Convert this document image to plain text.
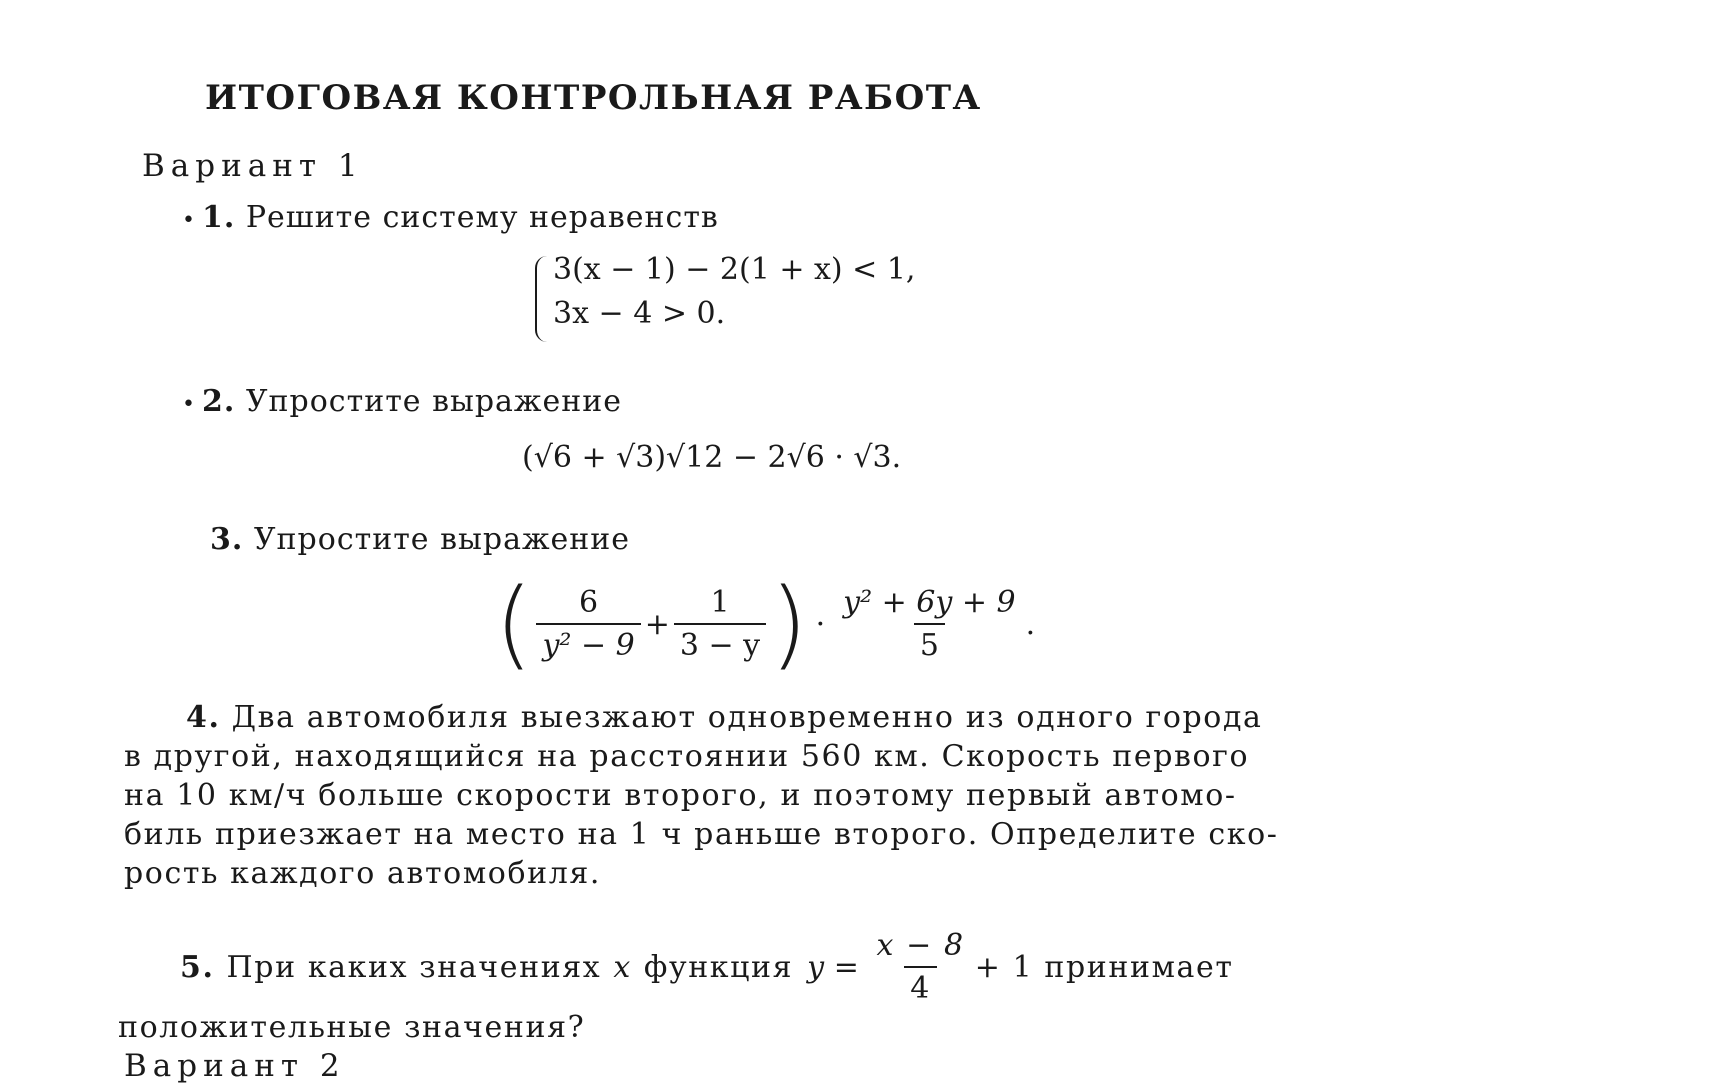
ИТОГОВАЯ КОНТРОЛЬНАЯ РАБОТА
Вариант 1
• 1. Решите систему неравенств
3(x − 1) − 2(1 + x) < 1,
3x − 4 > 0.
• 2. Упростите выражение
(√6 + √3)√12 − 2√6 · √3.
3. Упростите выражение
( $\frac{6}{\text{y² − 9}} + \frac{1}{3 - y}$ ) · $\frac{\text{y² + 6y + 9}}{5}$ .

4. Два автомобиля выезжают одновременно из одного города

в другой, находящийся на расстоянии 560 км. Скорость первого

на 10 км/ч больше скорости второго, и поэтому первый автомо-

биль приезжает на место на 1 ч раньше второго. Определите ско-

рость каждого автомобиля.

5. При каких значениях x функция $y = \frac{x - 8}{4} + 1$ принимает
положительные значения?
Вариант 2
